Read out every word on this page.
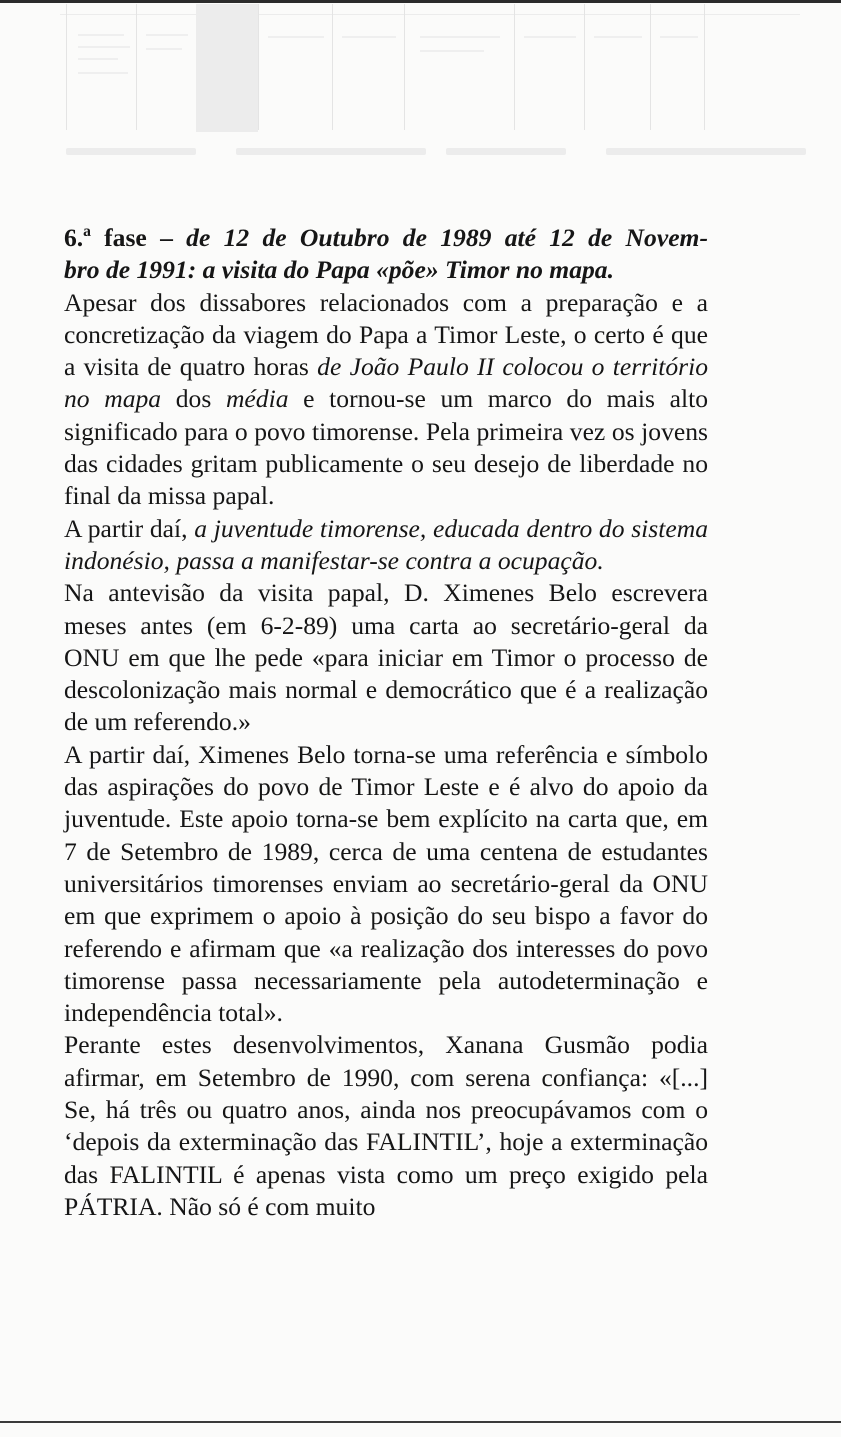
6.ª fase – de 12 de Outubro de 1989 até 12 de Novem-
bro de 1991: a visita do Papa «põe» Timor no mapa.

Apesar dos dissabores relacionados com a preparação e a concretização da viagem do Papa a Timor Leste, o certo é que a visita de quatro horas de João Paulo II colocou o território no mapa dos média e tornou-se um marco do mais alto significado para o povo timorense. Pela primeira vez os jovens das cidades gritam publicamente o seu desejo de liberdade no final da missa papal.

A partir daí, a juventude timorense, educada dentro do sistema indonésio, passa a manifestar-se contra a ocupação.

Na antevisão da visita papal, D. Ximenes Belo escrevera meses antes (em 6-2-89) uma carta ao secretário-geral da ONU em que lhe pede «para iniciar em Timor o processo de descolonização mais normal e democrático que é a realização de um referendo.»

A partir daí, Ximenes Belo torna-se uma referência e símbolo das aspirações do povo de Timor Leste e é alvo do apoio da juventude. Este apoio torna-se bem explícito na carta que, em 7 de Setembro de 1989, cerca de uma centena de estudantes universitários timorenses enviam ao secretário-geral da ONU em que exprimem o apoio à posição do seu bispo a favor do referendo e afirmam que «a realização dos interesses do povo timorense passa necessariamente pela autodeterminação e independência total».

Perante estes desenvolvimentos, Xanana Gusmão podia afirmar, em Setembro de 1990, com serena confiança: «[...] Se, há três ou quatro anos, ainda nos preocupávamos com o ‘depois da exterminação das FALINTIL’, hoje a exterminação das FALINTIL é apenas vista como um preço exigido pela PÁTRIA. Não só é com muito
